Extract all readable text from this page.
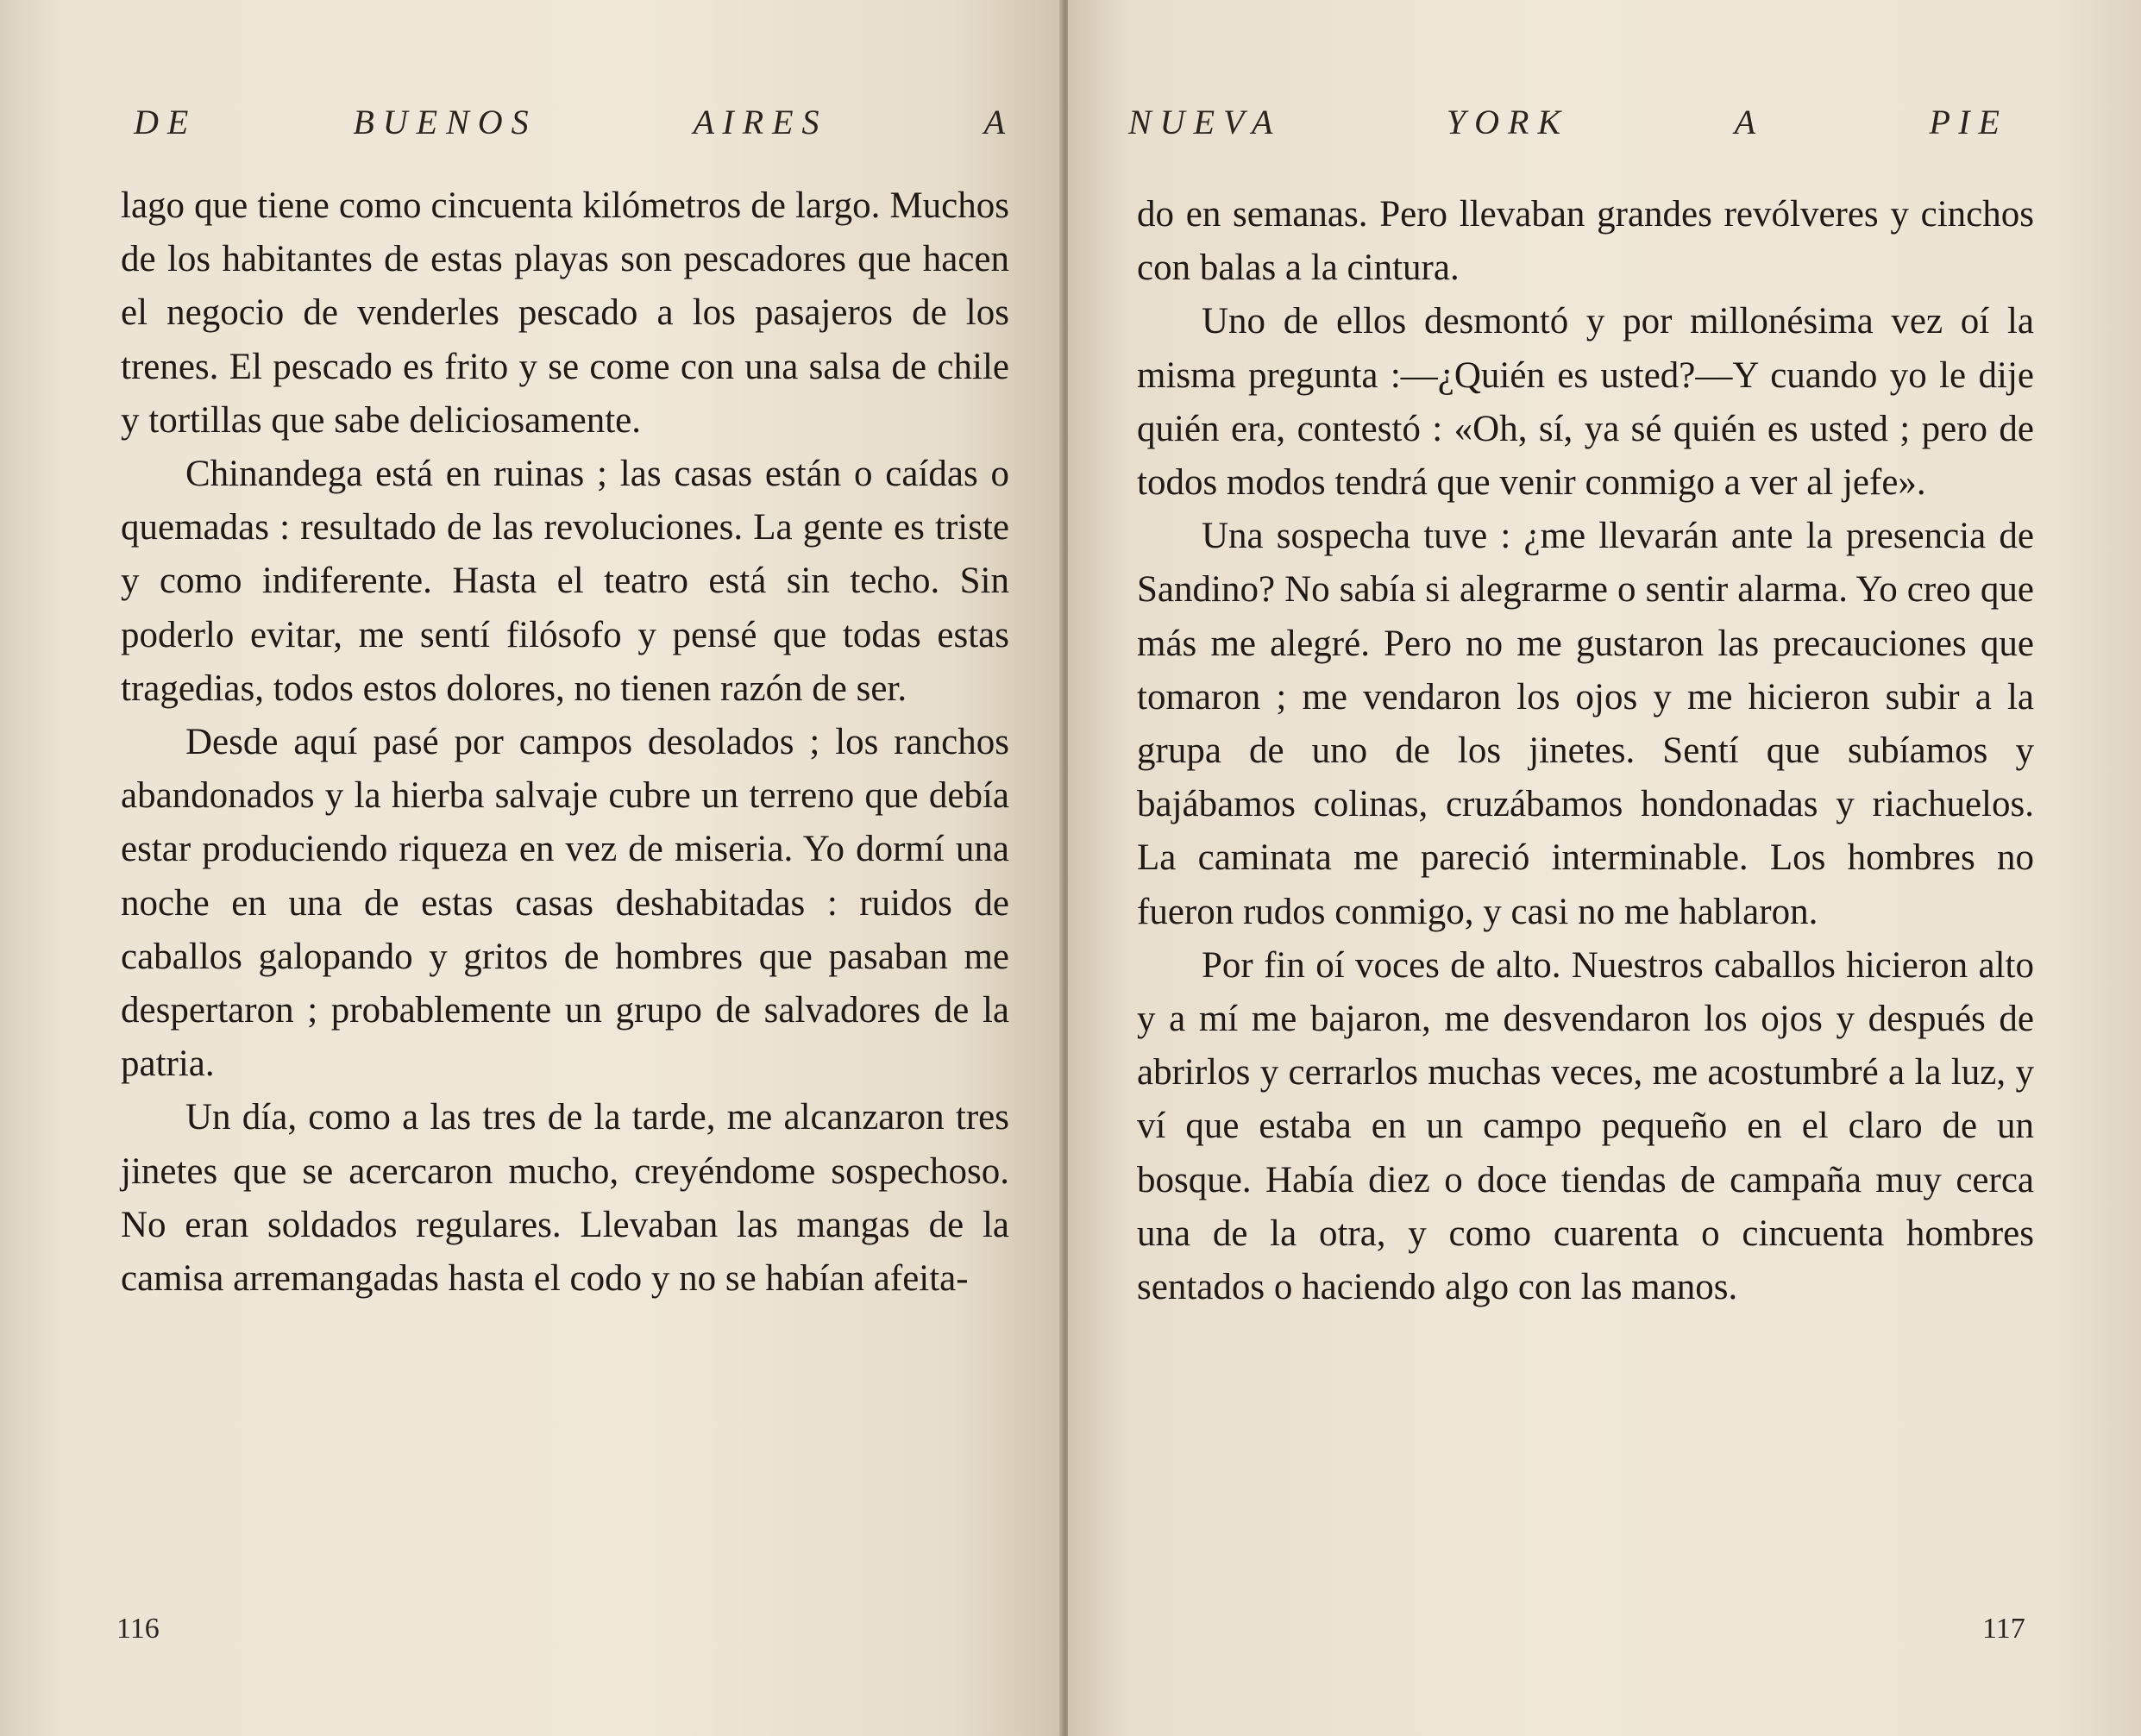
D E	B U E N O S	A I R E S	A

lago que tiene como cincuenta kilómetros de largo. Muchos de los habitantes de estas playas son pescadores que hacen el negocio de venderles pescado a los pasajeros de los trenes. El pescado es frito y se come con una salsa de chile y tortillas que sabe deliciosamente.

Chinandega está en ruinas ; las casas están o caídas o quemadas : resultado de las revoluciones. La gente es triste y como indiferente. Hasta el teatro está sin techo. Sin poderlo evitar, me sentí filósofo y pensé que todas estas tragedias, todos estos dolores, no tienen razón de ser.

Desde aquí pasé por campos desolados ; los ranchos abandonados y la hierba salvaje cubre un terreno que debía estar produciendo riqueza en vez de miseria. Yo dormí una noche en una de estas casas deshabitadas : ruidos de caballos galopando y gritos de hombres que pasaban me despertaron ; probablemente un grupo de salvadores de la patria.

Un día, como a las tres de la tarde, me alcanzaron tres jinetes que se acercaron mucho, creyéndome sospechoso. No eran soldados regulares. Llevaban las mangas de la camisa arremangadas hasta el codo y no se habían afeita-

116
N U E V A	Y O R K	A	P I E

do en semanas. Pero llevaban grandes revólveres y cinchos con balas a la cintura.

Uno de ellos desmontó y por millonésima vez oí la misma pregunta :—¿Quién es usted?—Y cuando yo le dije quién era, contestó : «Oh, sí, ya sé quién es usted ; pero de todos modos tendrá que venir conmigo a ver al jefe».

Una sospecha tuve : ¿me llevarán ante la presencia de Sandino? No sabía si alegrarme o sentir alarma. Yo creo que más me alegré. Pero no me gustaron las precauciones que tomaron ; me vendaron los ojos y me hicieron subir a la grupa de uno de los jinetes. Sentí que subíamos y bajábamos colinas, cruzábamos hondonadas y riachuelos. La caminata me pareció interminable. Los hombres no fueron rudos conmigo, y casi no me hablaron.

Por fin oí voces de alto. Nuestros caballos hicieron alto y a mí me bajaron, me desvendaron los ojos y después de abrirlos y cerrarlos muchas veces, me acostumbré a la luz, y ví que estaba en un campo pequeño en el claro de un bosque. Había diez o doce tiendas de campaña muy cerca una de la otra, y como cuarenta o cincuenta hombres sentados o haciendo algo con las manos.

117
